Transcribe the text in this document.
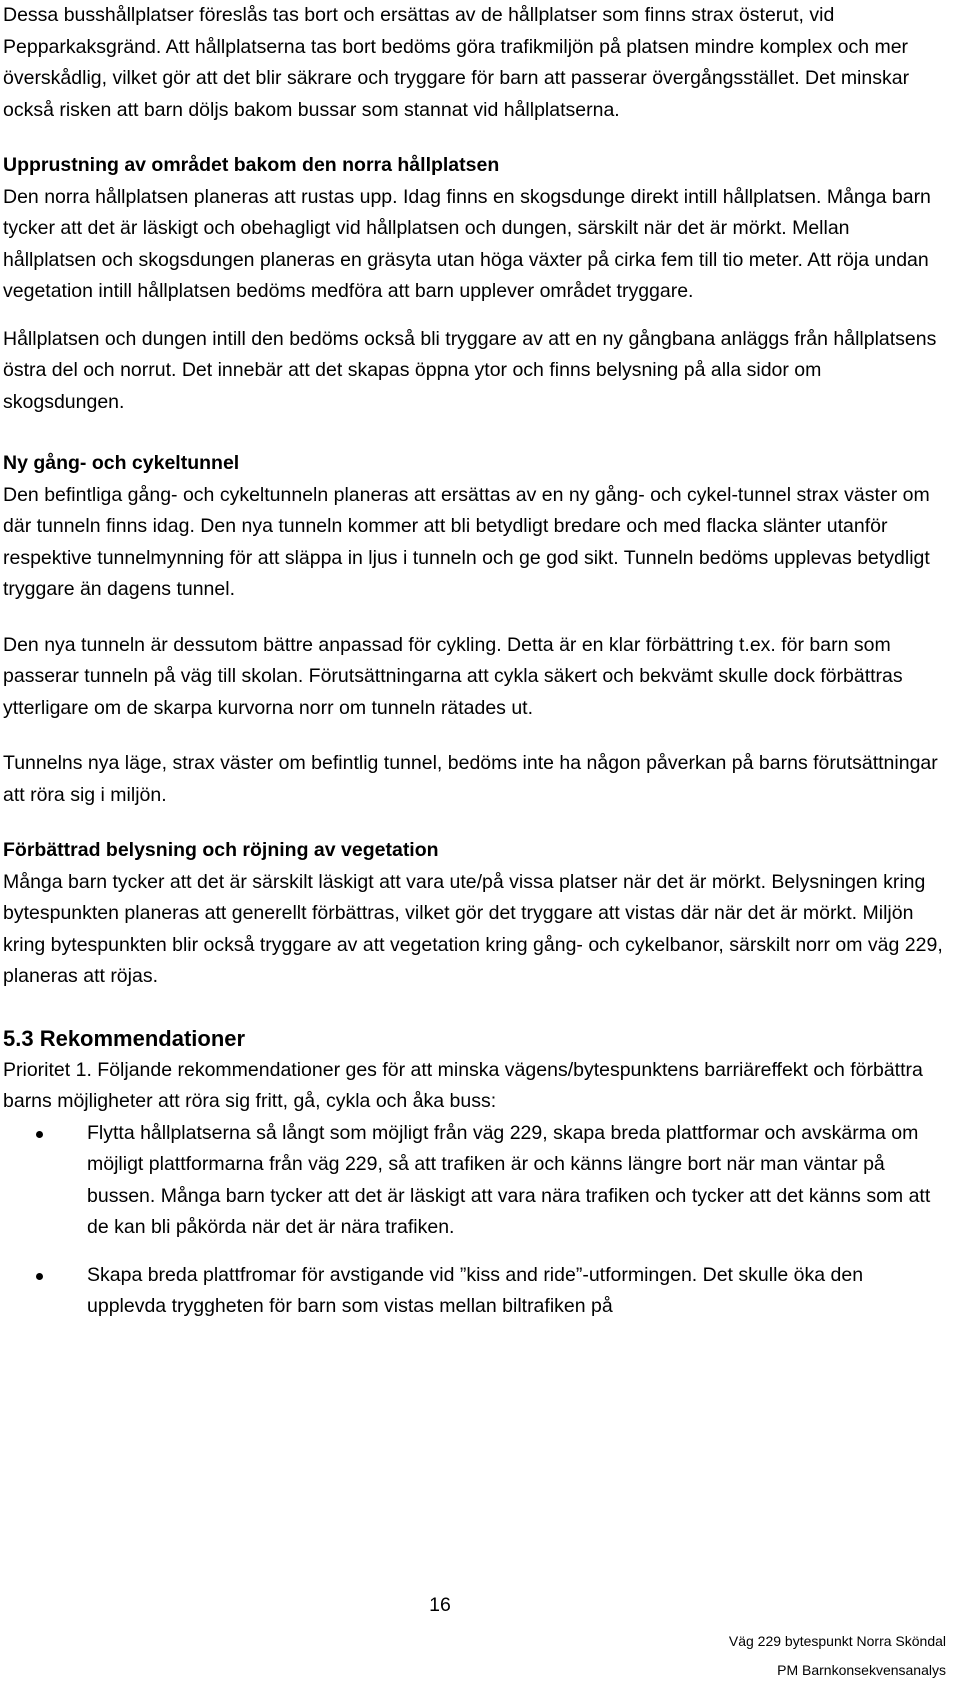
Dessa busshållplatser föreslås tas bort och ersättas av de hållplatser som finns strax österut, vid Pepparkaksgränd. Att hållplatserna tas bort bedöms göra trafikmiljön på platsen mindre komplex och mer överskådlig, vilket gör att det blir säkrare och tryggare för barn att passerar övergångsstället. Det minskar också risken att barn döljs bakom bussar som stannat vid hållplatserna.

Upprustning av området bakom den norra hållplatsen

Den norra hållplatsen planeras att rustas upp. Idag finns en skogsdunge direkt intill hållplatsen. Många barn tycker att det är läskigt och obehagligt vid hållplatsen och dungen, särskilt när det är mörkt. Mellan hållplatsen och skogsdungen planeras en gräsyta utan höga växter på cirka fem till tio meter. Att röja undan vegetation intill hållplatsen bedöms medföra att barn upplever området tryggare.

Hållplatsen och dungen intill den bedöms också bli tryggare av att en ny gångbana anläggs från hållplatsens östra del och norrut. Det innebär att det skapas öppna ytor och finns belysning på alla sidor om skogsdungen.

Ny gång- och cykeltunnel

Den befintliga gång- och cykeltunneln planeras att ersättas av en ny gång- och cykel-tunnel strax väster om där tunneln finns idag. Den nya tunneln kommer att bli betydligt bredare och med flacka slänter utanför respektive tunnelmynning för att släppa in ljus i tunneln och ge god sikt. Tunneln bedöms upplevas betydligt tryggare än dagens tunnel.

Den nya tunneln är dessutom bättre anpassad för cykling. Detta är en klar förbättring t.ex. för barn som passerar tunneln på väg till skolan. Förutsättningarna att cykla säkert och bekvämt skulle dock förbättras ytterligare om de skarpa kurvorna norr om tunneln rätades ut.

Tunnelns nya läge, strax väster om befintlig tunnel, bedöms inte ha någon påverkan på barns förutsättningar att röra sig i miljön.

Förbättrad belysning och röjning av vegetation

Många barn tycker att det är särskilt läskigt att vara ute/på vissa platser när det är mörkt. Belysningen kring bytespunkten planeras att generellt förbättras, vilket gör det tryggare att vistas där när det är mörkt. Miljön kring bytespunkten blir också tryggare av att vegetation kring gång- och cykelbanor, särskilt norr om väg 229, planeras att röjas.

5.3 Rekommendationer

Prioritet 1. Följande rekommendationer ges för att minska vägens/bytespunktens barriäreffekt och förbättra barns möjligheter att röra sig fritt, gå, cykla och åka buss:

Flytta hållplatserna så långt som möjligt från väg 229, skapa breda plattformar och avskärma om möjligt plattformarna från väg 229, så att trafiken är och känns längre bort när man väntar på bussen. Många barn tycker att det är läskigt att vara nära trafiken och tycker att det känns som att de kan bli påkörda när det är nära trafiken.
Skapa breda plattfromar för avstigande vid ”kiss and ride”-utformingen. Det skulle öka den upplevda tryggheten för barn som vistas mellan biltrafiken på
16
Väg 229 bytespunkt Norra Sköndal
PM Barnkonsekvensanalys
